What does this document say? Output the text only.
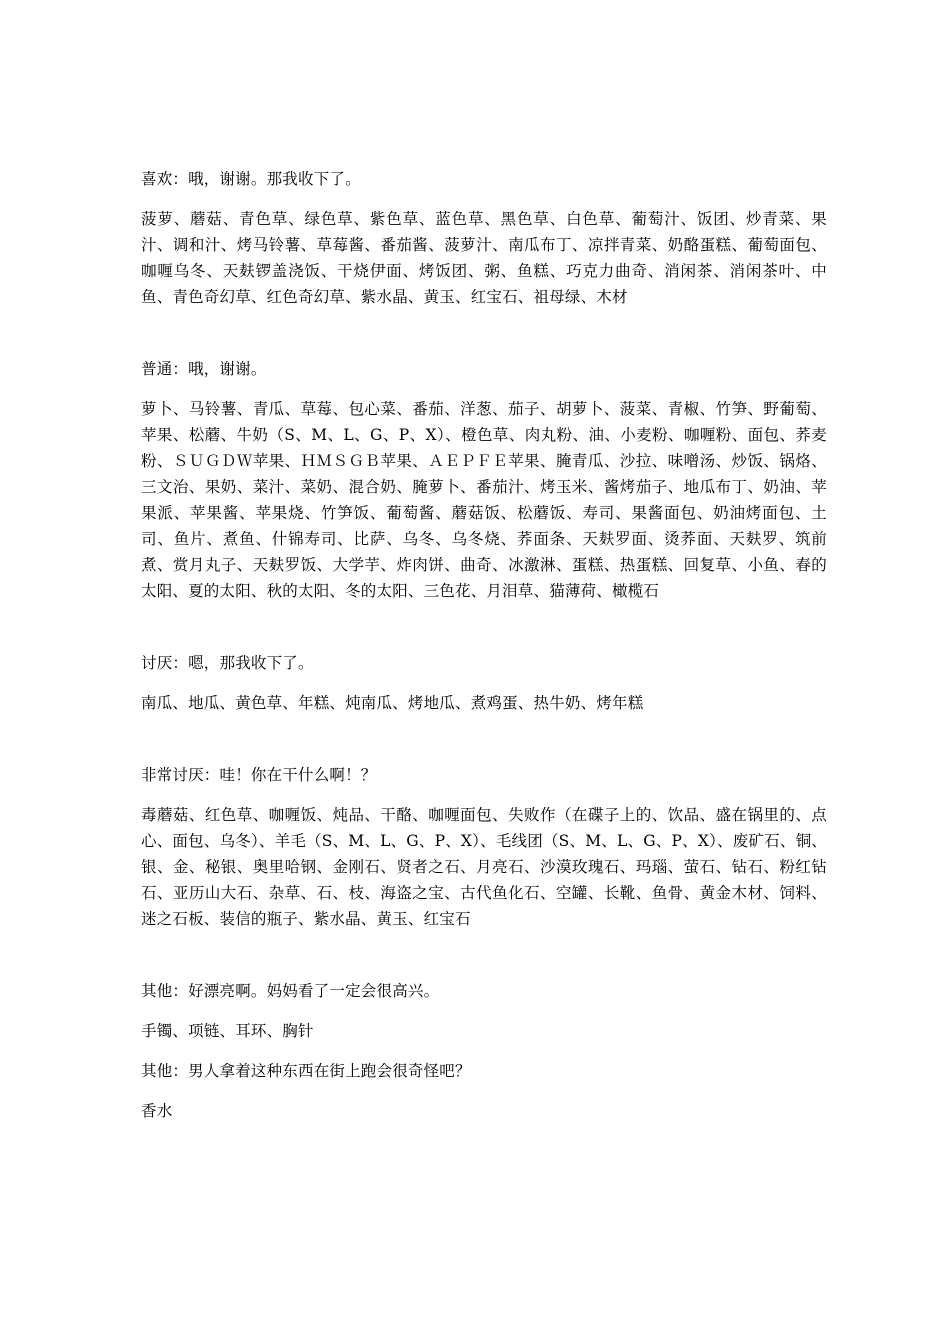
喜欢：哦，谢谢。那我收下了。

菠萝、蘑菇、青色草、绿色草、紫色草、蓝色草、黑色草、白色草、葡萄汁、饭团、炒青菜、果汁、调和汁、烤马铃薯、草莓酱、番茄酱、菠萝汁、南瓜布丁、凉拌青菜、奶酪蛋糕、葡萄面包、咖喱乌冬、天麸锣盖浇饭、干烧伊面、烤饭团、粥、鱼糕、巧克力曲奇、消闲茶、消闲茶叶、中鱼、青色奇幻草、红色奇幻草、紫水晶、黄玉、红宝石、祖母绿、木材

普通：哦，谢谢。

萝卜、马铃薯、青瓜、草莓、包心菜、番茄、洋葱、茄子、胡萝卜、菠菜、青椒、竹笋、野葡萄、苹果、松蘑、牛奶（S、M、L、G、P、X）、橙色草、肉丸粉、油、小麦粉、咖喱粉、面包、荞麦粉、ＳＵＧＤＷ苹果、ＨＭＳＧＢ苹果、ＡＥＰＦＥ苹果、腌青瓜、沙拉、味噌汤、炒饭、锅烙、三文治、果奶、菜汁、菜奶、混合奶、腌萝卜、番茄汁、烤玉米、酱烤茄子、地瓜布丁、奶油、苹果派、苹果酱、苹果烧、竹笋饭、葡萄酱、蘑菇饭、松蘑饭、寿司、果酱面包、奶油烤面包、土司、鱼片、煮鱼、什锦寿司、比萨、乌冬、乌冬烧、荞面条、天麸罗面、烫荞面、天麸罗、筑前煮、赏月丸子、天麸罗饭、大学芋、炸肉饼、曲奇、冰激淋、蛋糕、热蛋糕、回复草、小鱼、春的太阳、夏的太阳、秋的太阳、冬的太阳、三色花、月泪草、猫薄荷、橄榄石

讨厌：嗯，那我收下了。

南瓜、地瓜、黄色草、年糕、炖南瓜、烤地瓜、煮鸡蛋、热牛奶、烤年糕

非常讨厌：哇！你在干什么啊！？

毒蘑菇、红色草、咖喱饭、炖品、干酪、咖喱面包、失败作（在碟子上的、饮品、盛在锅里的、点心、面包、乌冬）、羊毛（S、M、L、G、P、X）、毛线团（S、M、L、G、P、X）、废矿石、铜、银、金、秘银、奥里哈钢、金刚石、贤者之石、月亮石、沙漠玫瑰石、玛瑙、萤石、钻石、粉红钻石、亚历山大石、杂草、石、枝、海盗之宝、古代鱼化石、空罐、长靴、鱼骨、黄金木材、饲料、迷之石板、装信的瓶子、紫水晶、黄玉、红宝石

其他：好漂亮啊。妈妈看了一定会很高兴。

手镯、项链、耳环、胸针

其他：男人拿着这种东西在街上跑会很奇怪吧？

香水
